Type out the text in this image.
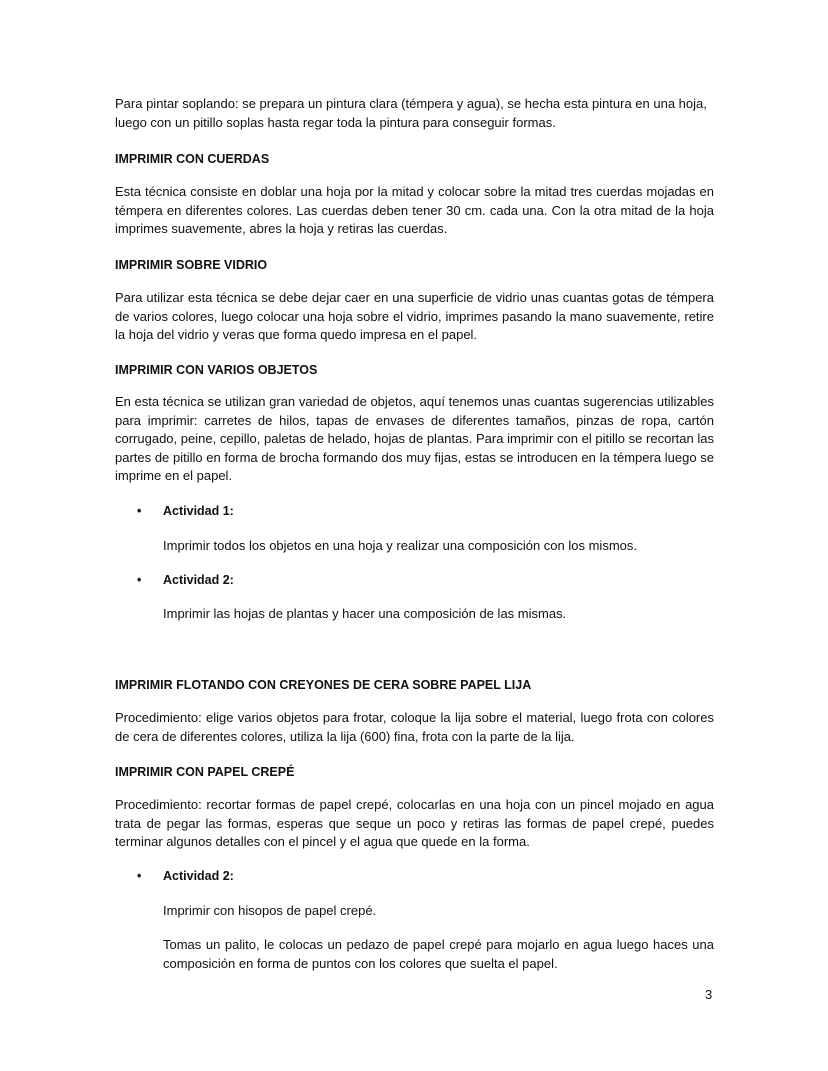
Para pintar soplando: se prepara un pintura clara (témpera y agua), se hecha esta pintura en una hoja, luego con un pitillo soplas hasta regar toda la pintura para conseguir formas.

IMPRIMIR CON CUERDAS

Esta técnica consiste en doblar una hoja por la mitad y colocar sobre la mitad tres cuerdas mojadas en témpera en diferentes colores. Las cuerdas deben tener 30 cm. cada una. Con la otra mitad de la hoja imprimes suavemente, abres la hoja y retiras las cuerdas.

IMPRIMIR SOBRE VIDRIO

Para utilizar esta técnica se debe dejar caer en una superficie de vidrio unas cuantas gotas de témpera de varios colores, luego colocar una hoja sobre el vidrio, imprimes pasando la mano suavemente, retire la hoja del vidrio y veras que forma quedo impresa en el papel.

IMPRIMIR CON VARIOS OBJETOS

En esta técnica se utilizan gran variedad de objetos, aquí tenemos unas cuantas sugerencias utilizables para imprimir: carretes de hilos, tapas de envases de diferentes tamaños, pinzas de ropa, cartón corrugado, peine, cepillo, paletas de helado, hojas de plantas. Para imprimir con el pitillo se recortan las partes de pitillo en forma de brocha formando dos muy fijas, estas se introducen en la témpera luego se imprime en el papel.

• Actividad 1:

Imprimir todos los objetos en una hoja y realizar una composición con los mismos.

• Actividad 2:

Imprimir las hojas de plantas y hacer una composición de las mismas.

IMPRIMIR FLOTANDO CON CREYONES DE CERA SOBRE PAPEL LIJA

Procedimiento: elige varios objetos para frotar, coloque la lija sobre el material, luego frota con colores de cera de diferentes colores, utiliza la lija (600) fina, frota con la parte de la lija.

IMPRIMIR CON PAPEL CREPÉ

Procedimiento: recortar formas de papel crepé, colocarlas en una hoja con un pincel mojado en agua trata de pegar las formas, esperas que seque un poco y retiras las formas de papel crepé, puedes terminar algunos detalles con el pincel y el agua que quede en la forma.

• Actividad 2:

Imprimir con hisopos de papel crepé.

Tomas un palito, le colocas un pedazo de papel crepé para mojarlo en agua luego haces una composición en forma de puntos con los colores que suelta el papel.

3
